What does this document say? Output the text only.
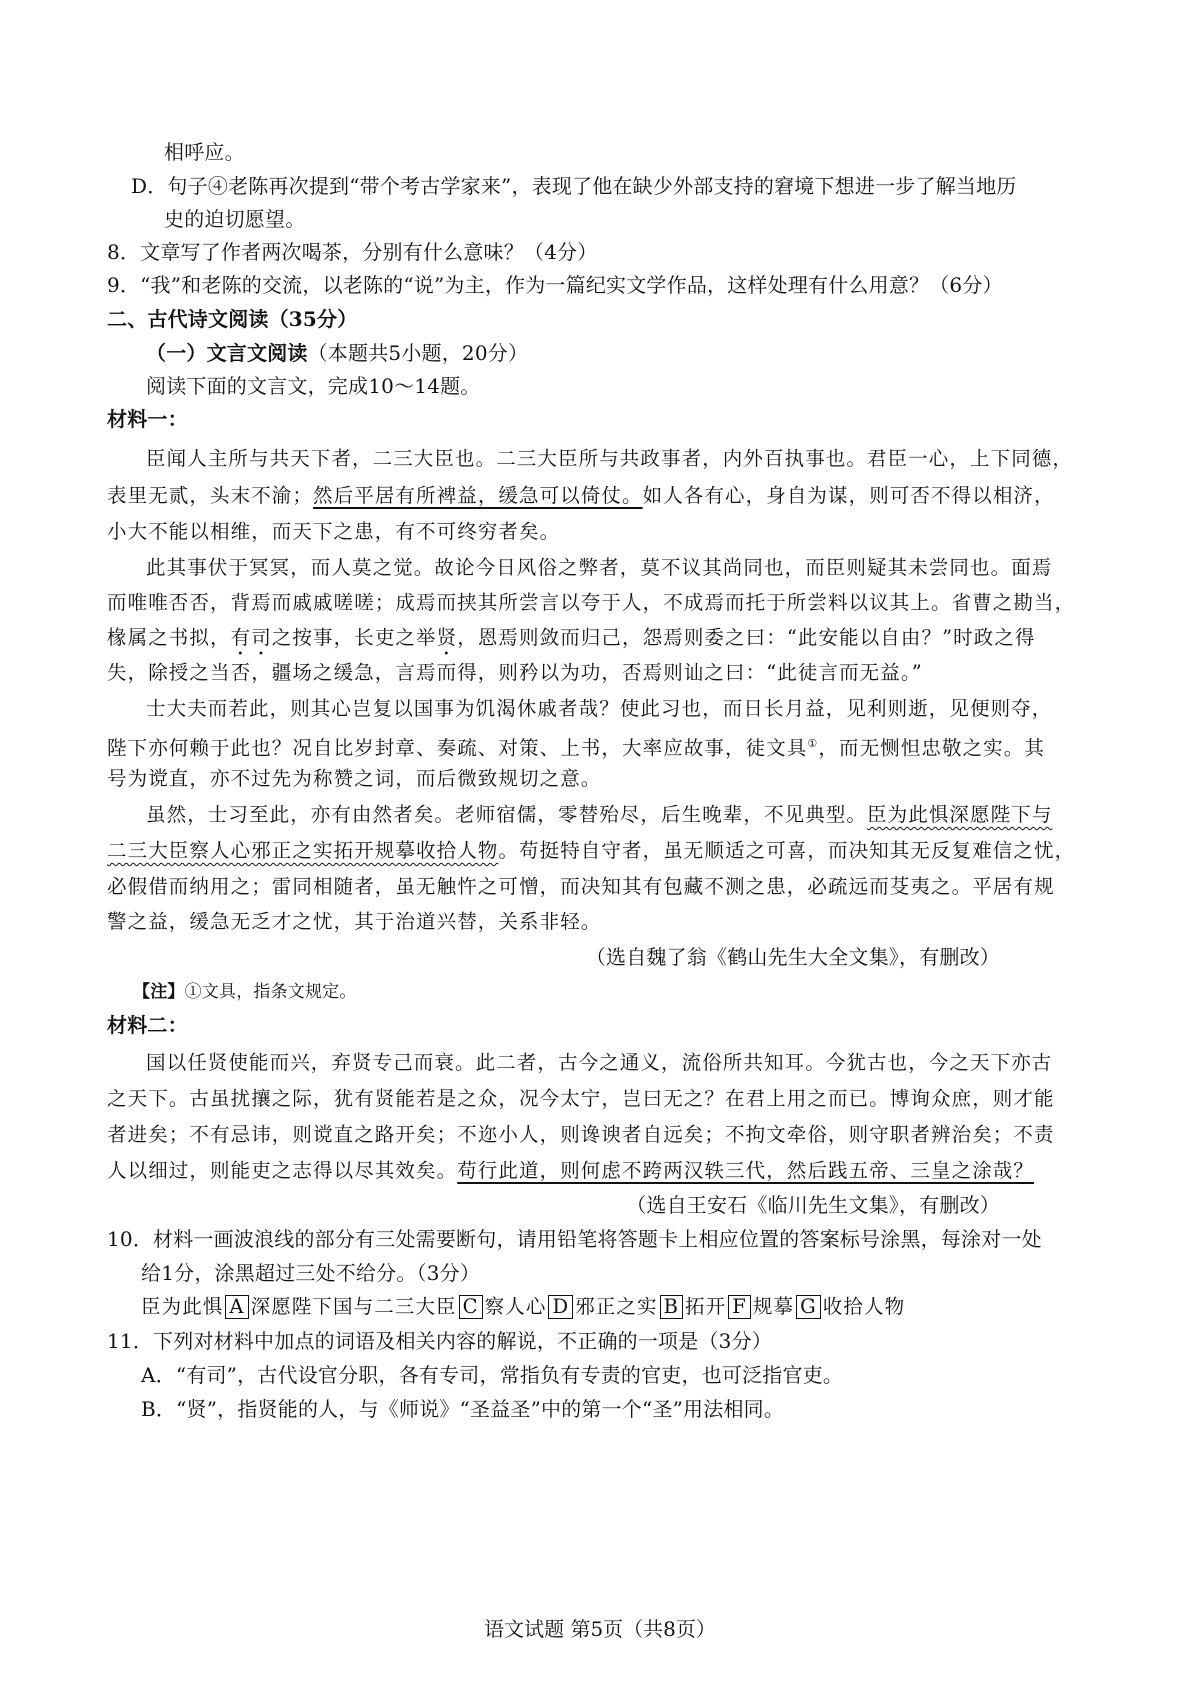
相呼应。
D．句子④老陈再次提到“带个考古学家来”，表现了他在缺少外部支持的窘境下想进一步了解当地历
史的迫切愿望。
8．文章写了作者两次喝茶，分别有什么意味？（4分）
9．“我”和老陈的交流，以老陈的“说”为主，作为一篇纪实文学作品，这样处理有什么用意？（6分）
二、古代诗文阅读（35分）
（一）文言文阅读（本题共5小题，20分）
阅读下面的文言文，完成10～14题。
材料一：
臣闻人主所与共天下者，二三大臣也。二三大臣所与共政事者，内外百执事也。君臣一心，上下同德，
表里无贰，头末不渝；然后平居有所裨益，缓急可以倚仗。如人各有心，身自为谋，则可否不得以相济，
小大不能以相维，而天下之患，有不可终穷者矣。
此其事伏于冥冥，而人莫之觉。故论今日风俗之弊者，莫不议其尚同也，而臣则疑其未尝同也。面焉
而唯唯否否，背焉而戚戚嗟嗟；成焉而挟其所尝言以夸于人，不成焉而托于所尝料以议其上。省曹之勘当，
椽属之书拟，有司之按事，长吏之举贤，恩焉则敛而归己，怨焉则委之曰：“此安能以自由？”时政之得
失，除授之当否，疆场之缓急，言焉而得，则矜以为功，否焉则讪之曰：“此徒言而无益。”
士大夫而若此，则其心岂复以国事为饥渴休戚者哉？使此习也，而日长月益，见利则逝，见便则夺，
陛下亦何赖于此也？况自比岁封章、奏疏、对策、上书，大率应故事，徒文具①，而无恻怛忠敬之实。其
号为谠直，亦不过先为称赞之词，而后微致规切之意。
虽然，士习至此，亦有由然者矣。老师宿儒，零替殆尽，后生晚辈，不见典型。臣为此惧深愿陛下与
二三大臣察人心邪正之实拓开规摹收拾人物。苟挺特自守者，虽无顺适之可喜，而决知其无反复难信之忧，
必假借而纳用之；雷同相随者，虽无触忤之可憎，而决知其有包藏不测之患，必疏远而芟夷之。平居有规
警之益，缓急无乏才之忧，其于治道兴替，关系非轻。
（选自魏了翁《鹤山先生大全文集》，有删改）
【注】①文具，指条文规定。
材料二：
国以任贤使能而兴，弃贤专己而衰。此二者，古今之通义，流俗所共知耳。今犹古也，今之天下亦古
之天下。古虽扰攘之际，犹有贤能若是之众，况今太宁，岂曰无之？在君上用之而已。博询众庶，则才能
者进矣；不有忌讳，则谠直之路开矣；不迩小人，则谗谀者自远矣；不拘文牵俗，则守职者辨治矣；不责
人以细过，则能吏之志得以尽其效矣。苟行此道，则何虑不跨两汉轶三代，然后践五帝、三皇之涂哉？
（选自王安石《临川先生文集》，有删改）
10．材料一画波浪线的部分有三处需要断句，请用铅笔将答题卡上相应位置的答案标号涂黑，每涂对一处
给1分，涂黑超过三处不给分。（3分）
臣为此惧 A 深愿陛下国与二三大臣 C 察人心 D 邪正之实 B 拓开 F 规摹 G 收拾人物
11．下列对材料中加点的词语及相关内容的解说，不正确的一项是（3分）
A．“有司”，古代设官分职，各有专司，常指负有专责的官吏，也可泛指官吏。
B．“贤”，指贤能的人，与《师说》“圣益圣”中的第一个“圣”用法相同。
语文试题 第5页（共8页）
